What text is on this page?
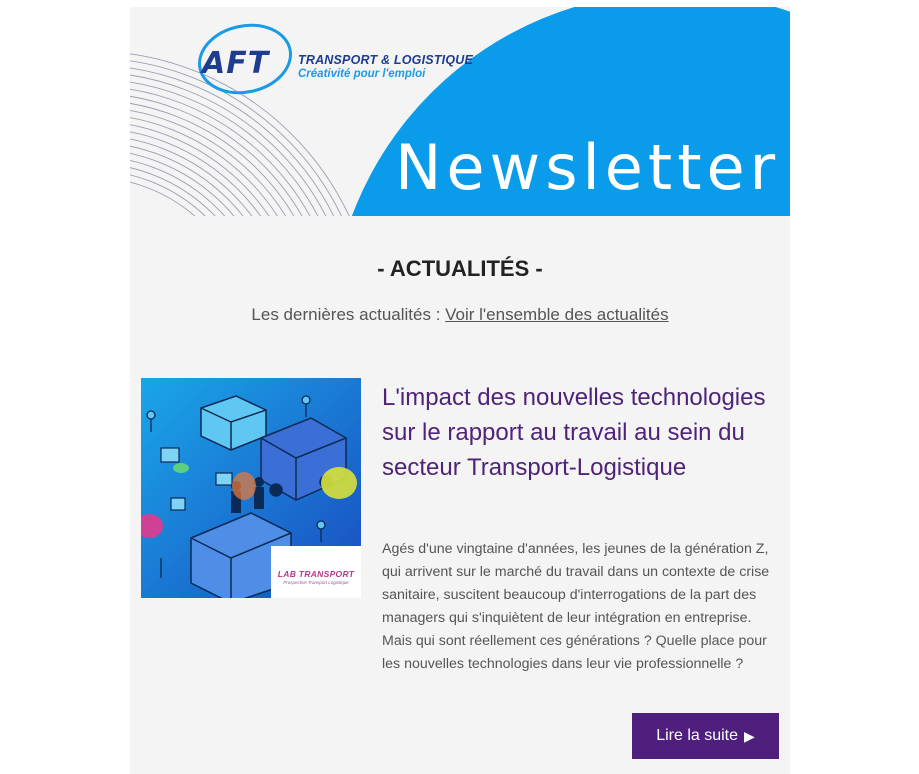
AFT TRANSPORT & LOGISTIQUE
Créativité pour l'emploi
Newsletter
- ACTUALITÉS -
Les dernières actualités : Voir l'ensemble des actualités
LAB TRANSPORT
Prospective Transport Logistique
L'impact des nouvelles technologies sur le rapport au travail au sein du secteur Transport-Logistique
Agés d'une vingtaine d'années, les jeunes de la génération Z, qui arrivent sur le marché du travail dans un contexte de crise sanitaire, suscitent beaucoup d'interrogations de la part des managers qui s'inquiètent de leur intégration en entreprise. Mais qui sont réellement ces générations ? Quelle place pour les nouvelles technologies dans leur vie professionnelle ?
Lire la suite ▶
